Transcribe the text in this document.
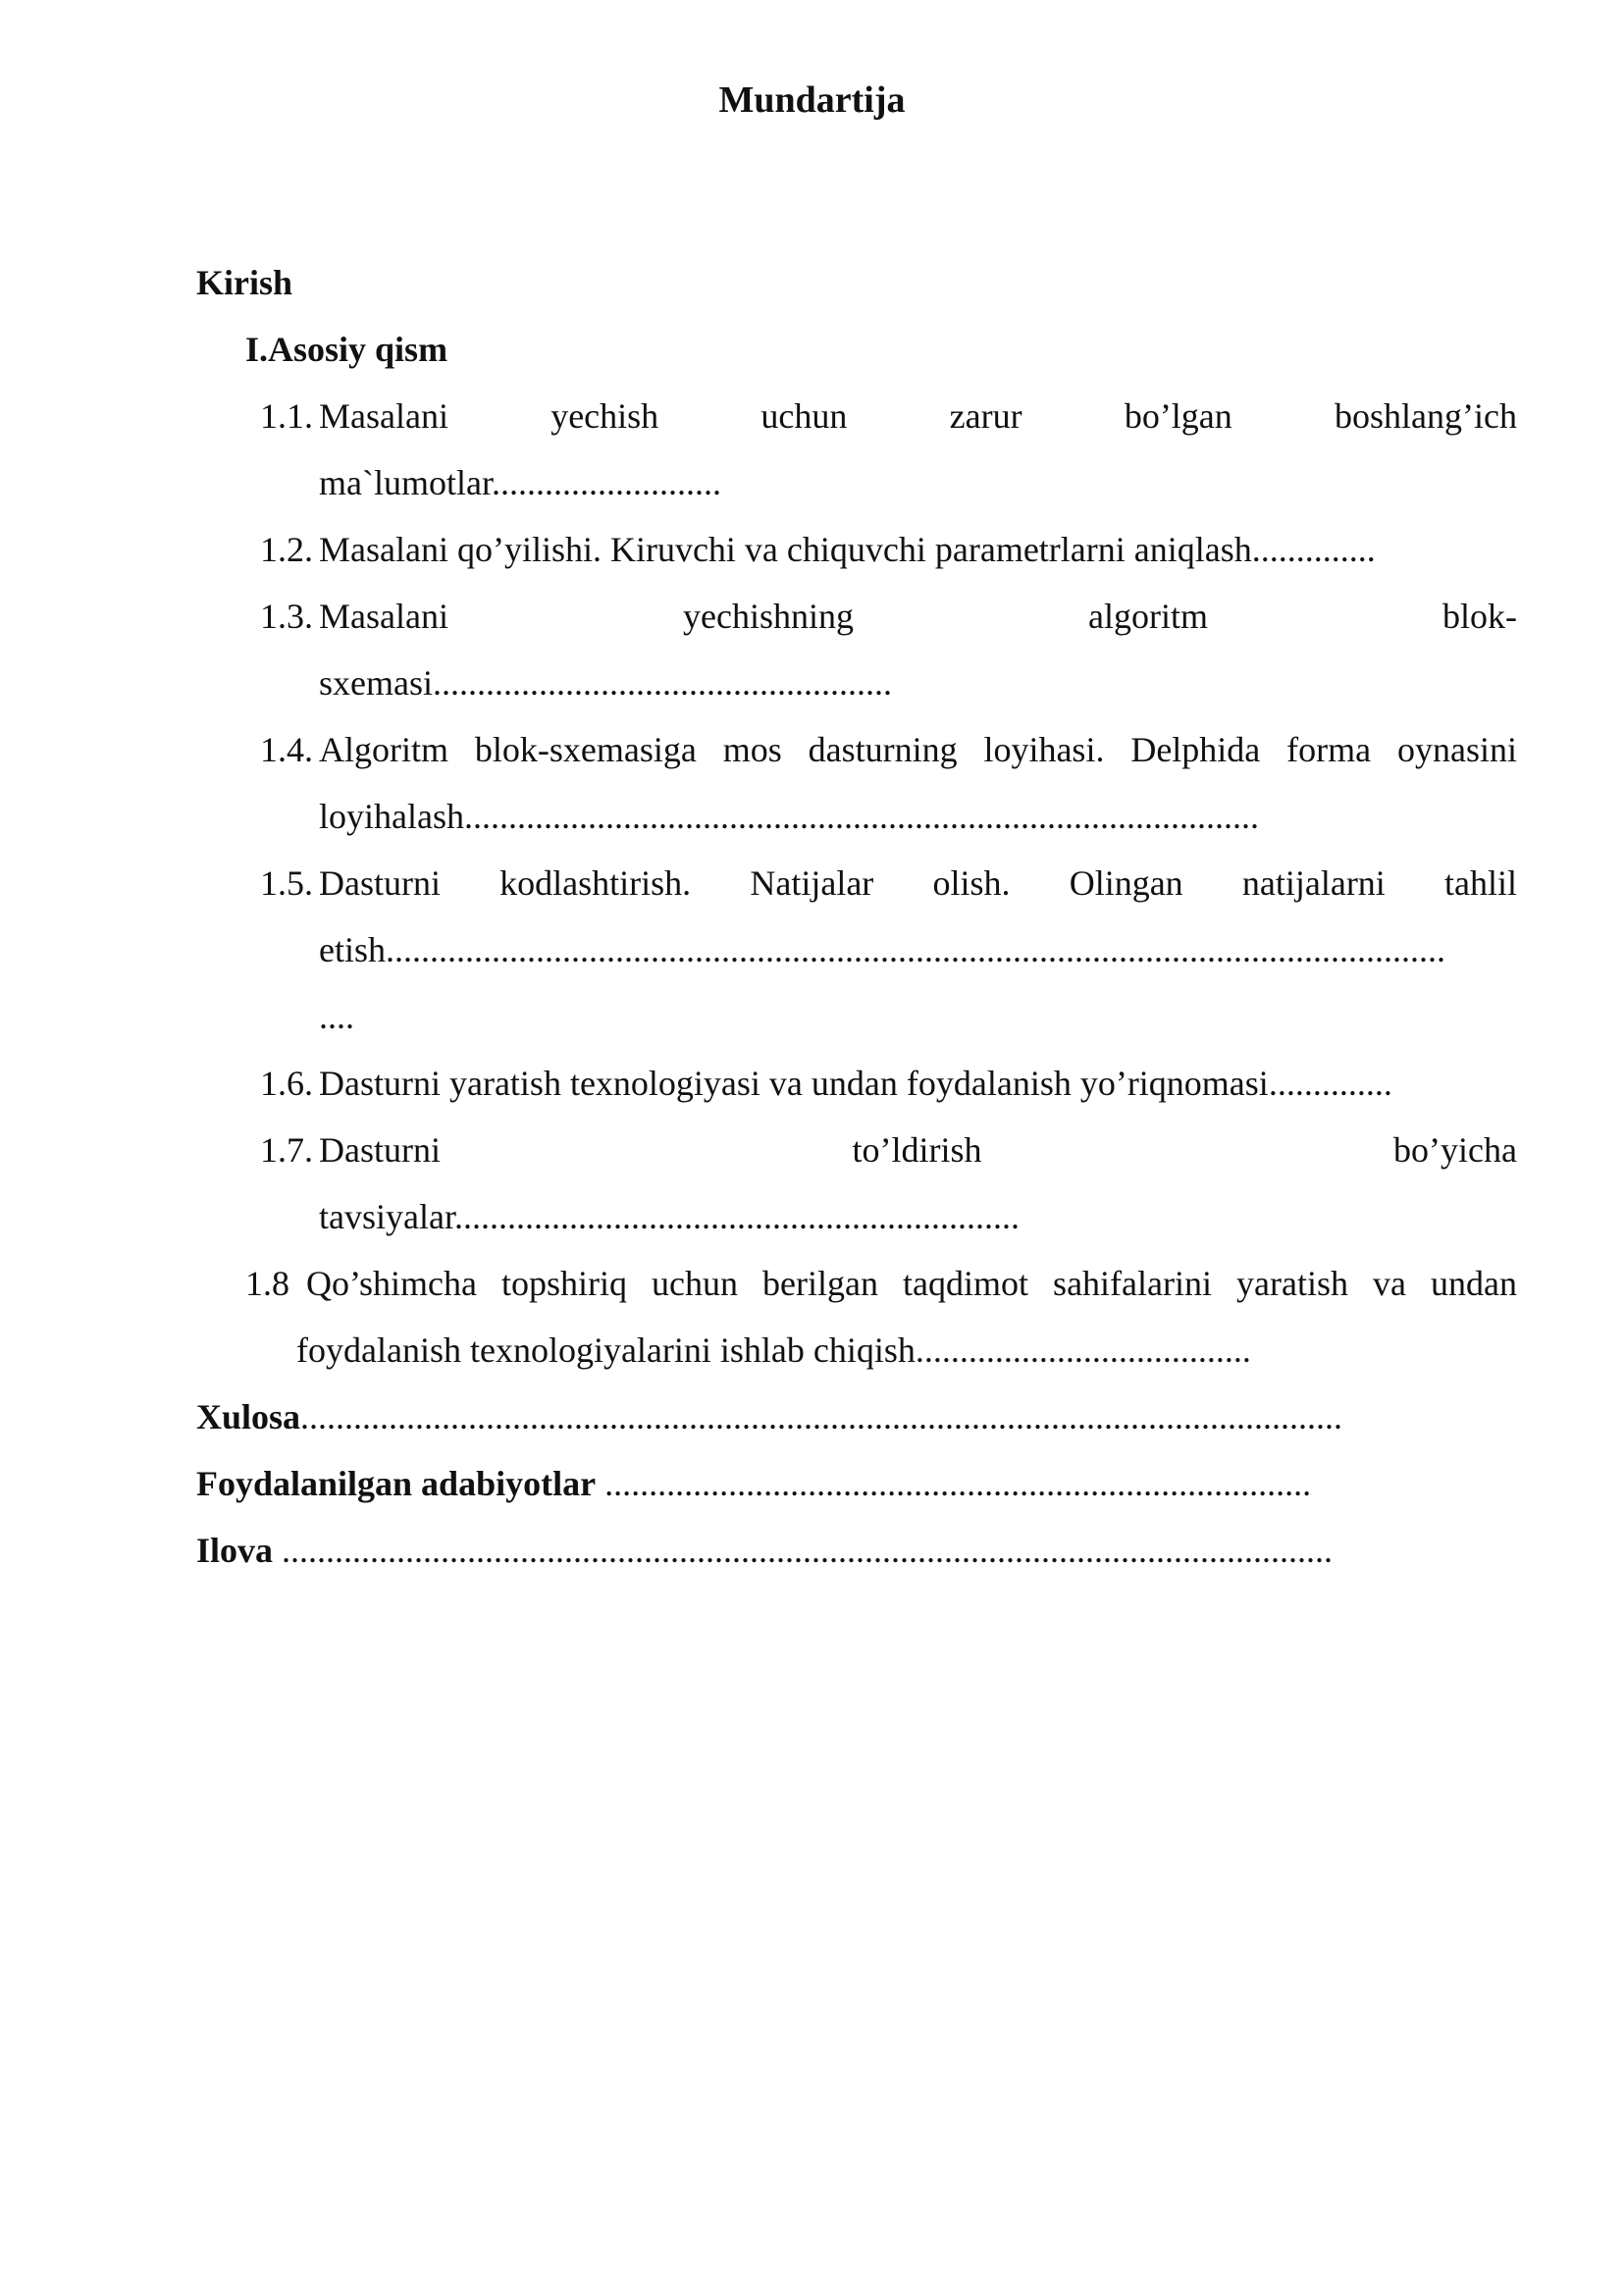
Mundartija
Kirish
I.Asosiy qism
1.1. Masalani yechish uchun zarur bo’lgan boshlang’ich
ma`lumotlar..........................
1.2. Masalani qo’yilishi. Kiruvchi va chiquvchi parametrlarni aniqlash..............
1.3. Masalani yechishning algoritm blok-
sxemasi....................................................
1.4. Algoritm blok-sxemasiga mos dasturning loyihasi. Delphida forma oynasini
loyihalash..........................................................................................
1.5. Dasturni kodlashtirish. Natijalar olish. Olingan natijalarni tahlil
etish........................................................................................................................
....
1.6. Dasturni yaratish texnologiyasi va undan foydalanish yo’riqnomasi..............
1.7. Dasturni to’ldirish bo’yicha
tavsiyalar................................................................
1.8 Qo’shimcha topshiriq uchun berilgan taqdimot sahifalarini yaratish va undan
foydalanish texnologiyalarini ishlab chiqish......................................
Xulosa......................................................................................................................
Foydalanilgan adabiyotlar ................................................................................
Ilova .......................................................................................................................
